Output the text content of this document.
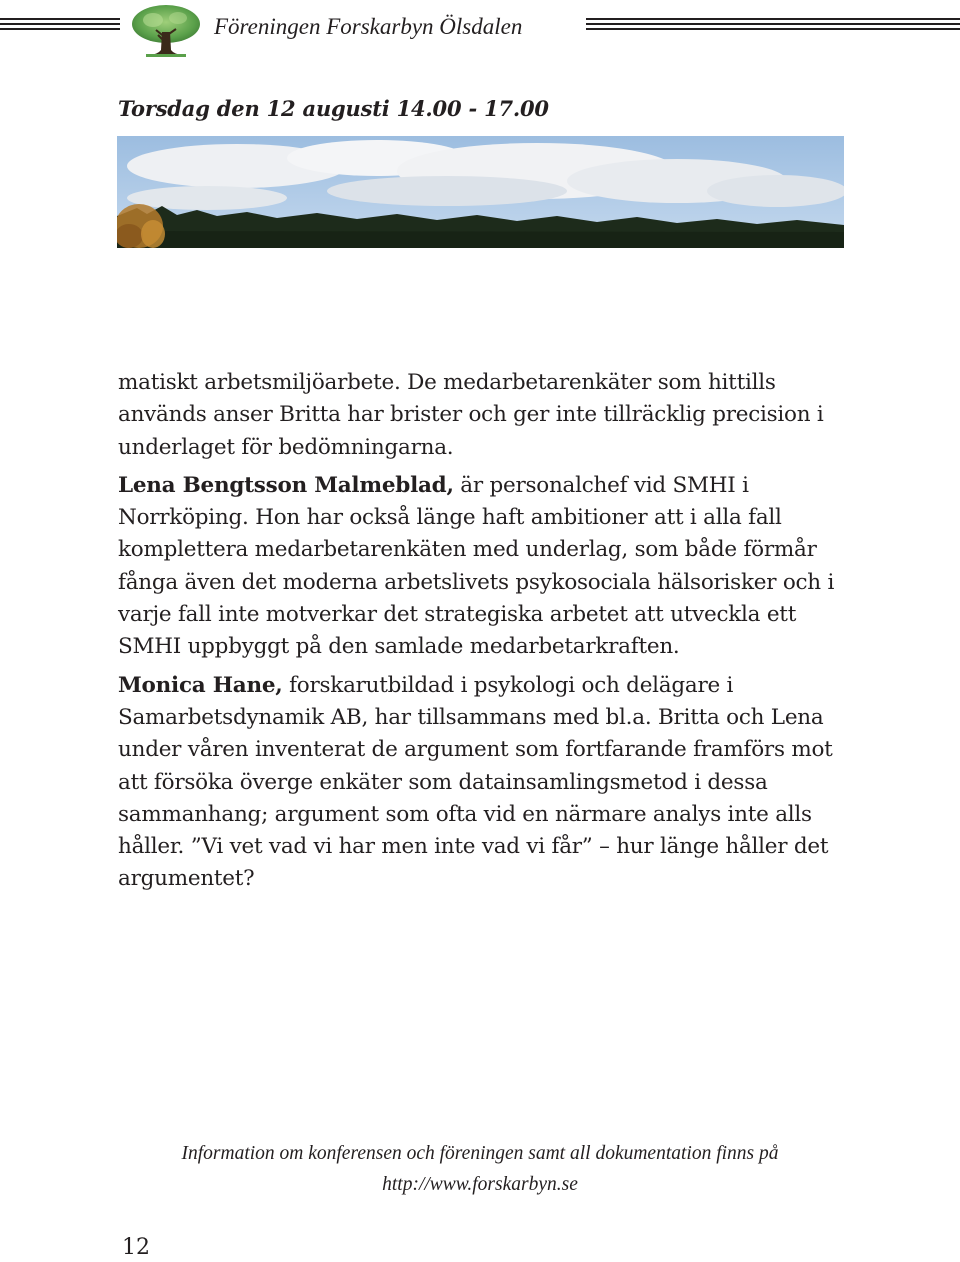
Föreningen Forskarbyn Ölsdalen
Torsdag den 12 augusti 14.00 - 17.00

matiskt arbetsmiljöarbete. De medarbetarenkäter som hittills används anser Britta har brister och ger inte tillräcklig precision i underlaget för bedömningarna.

Lena Bengtsson Malmeblad, är personalchef vid SMHI i Norrköping. Hon har också länge haft ambitioner att i alla fall komplettera medarbetarenkäten med underlag, som både förmår fånga även det moderna arbetslivets psykosociala hälsorisker och i varje fall inte motverkar det strategiska arbetet att utveckla ett SMHI uppbyggt på den samlade medarbetarkraften.

Monica Hane, forskarutbildad i psykologi och delägare i Samarbetsdynamik AB, har tillsammans med bl.a. Britta och Lena under våren inventerat de argument som fortfarande framförs mot att försöka överge enkäter som datainsamlingsmetod i dessa sammanhang; argument som ofta vid en närmare analys inte alls håller. ”Vi vet vad vi har men inte vad vi får” – hur länge håller det argumentet?

Information om konferensen och föreningen samt all dokumentation finns på
http://www.forskarbyn.se
12
